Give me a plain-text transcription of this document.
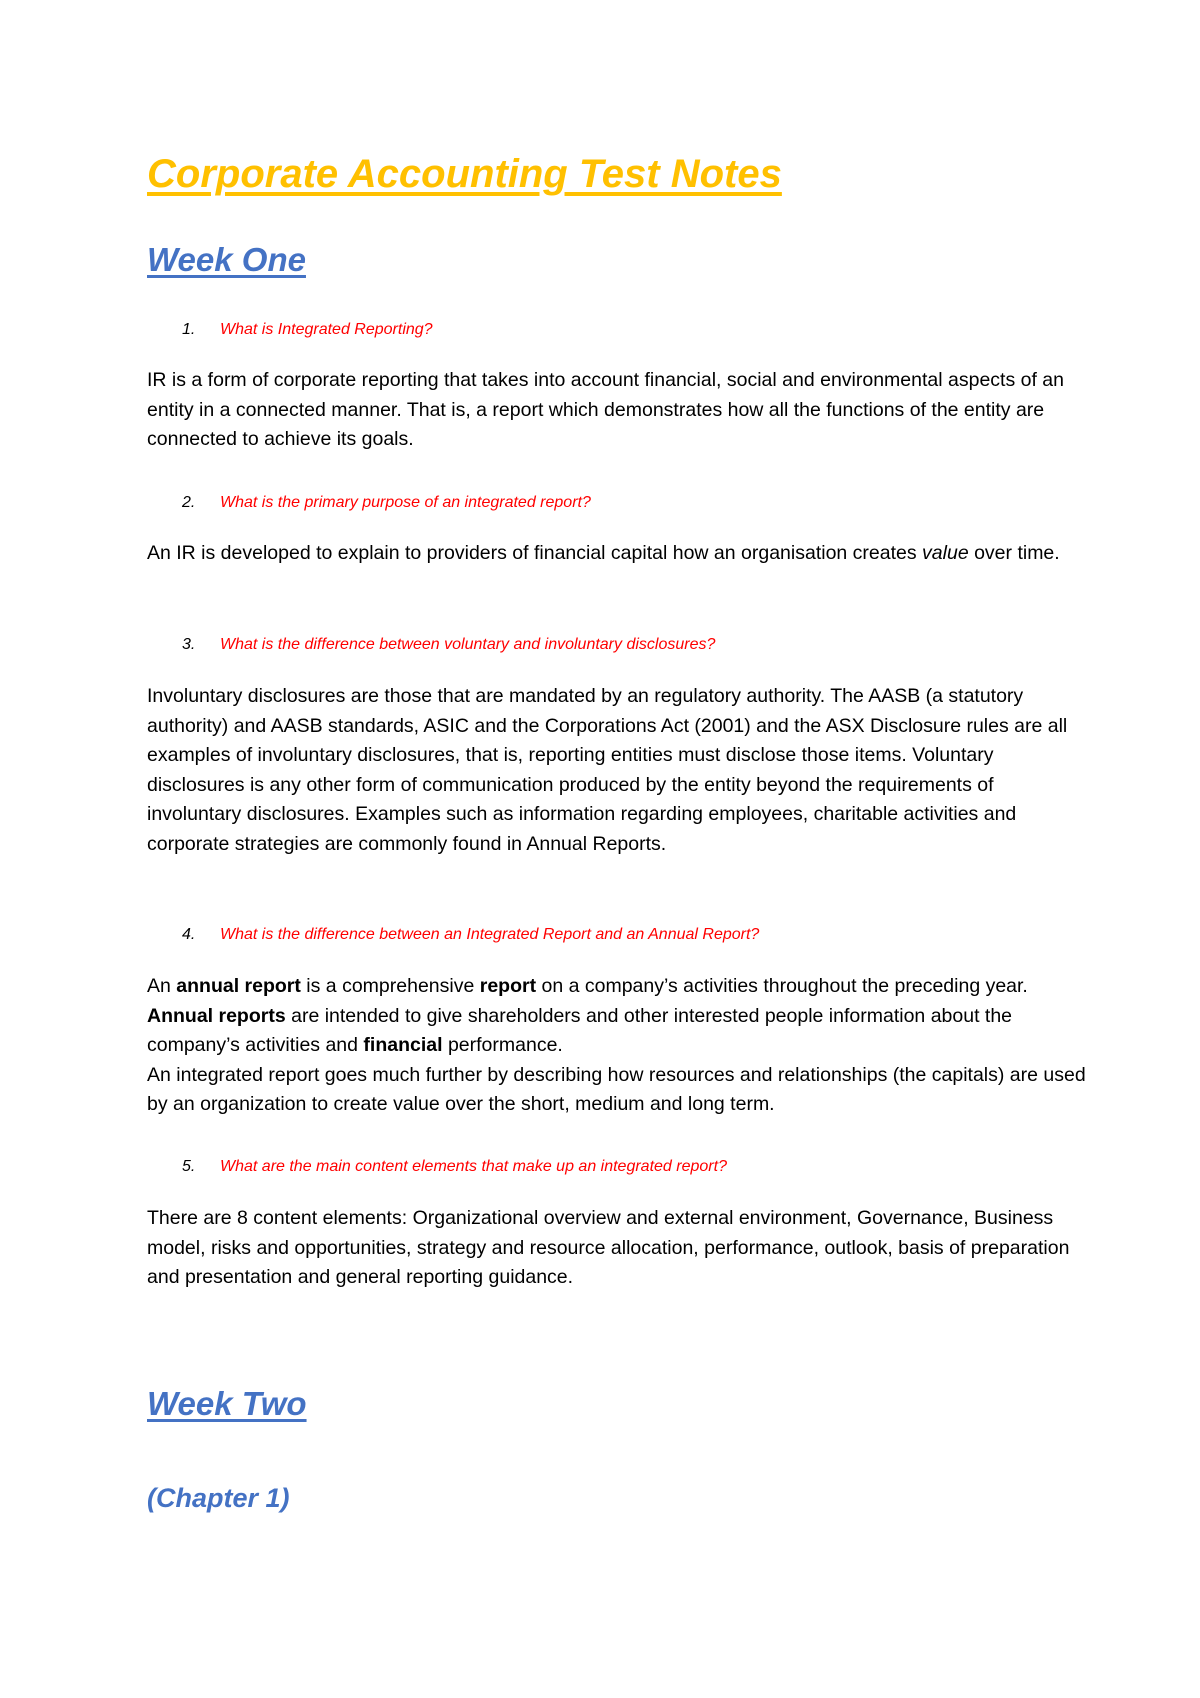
Corporate Accounting Test Notes
Week One

1. What is Integrated Reporting?

IR is a form of corporate reporting that takes into account financial, social and environmental aspects of an entity in a connected manner. That is, a report which demonstrates how all the functions of the entity are connected to achieve its goals.

2. What is the primary purpose of an integrated report?

An IR is developed to explain to providers of financial capital how an organisation creates value over time.

3. What is the difference between voluntary and involuntary disclosures?

Involuntary disclosures are those that are mandated by an regulatory authority. The AASB (a statutory authority) and AASB standards, ASIC and the Corporations Act (2001) and the ASX Disclosure rules are all examples of involuntary disclosures, that is, reporting entities must disclose those items. Voluntary disclosures is any other form of communication produced by the entity beyond the requirements of involuntary disclosures. Examples such as information regarding employees, charitable activities and corporate strategies are commonly found in Annual Reports.

4. What is the difference between an Integrated Report and an Annual Report?

An annual report is a comprehensive report on a company’s activities throughout the preceding year. Annual reports are intended to give shareholders and other interested people information about the company’s activities and financial performance.
An integrated report goes much further by describing how resources and relationships (the capitals) are used by an organization to create value over the short, medium and long term.

5. What are the main content elements that make up an integrated report?

There are 8 content elements: Organizational overview and external environment, Governance, Business model, risks and opportunities, strategy and resource allocation, performance, outlook, basis of preparation and presentation and general reporting guidance.

Week Two
(Chapter 1)
